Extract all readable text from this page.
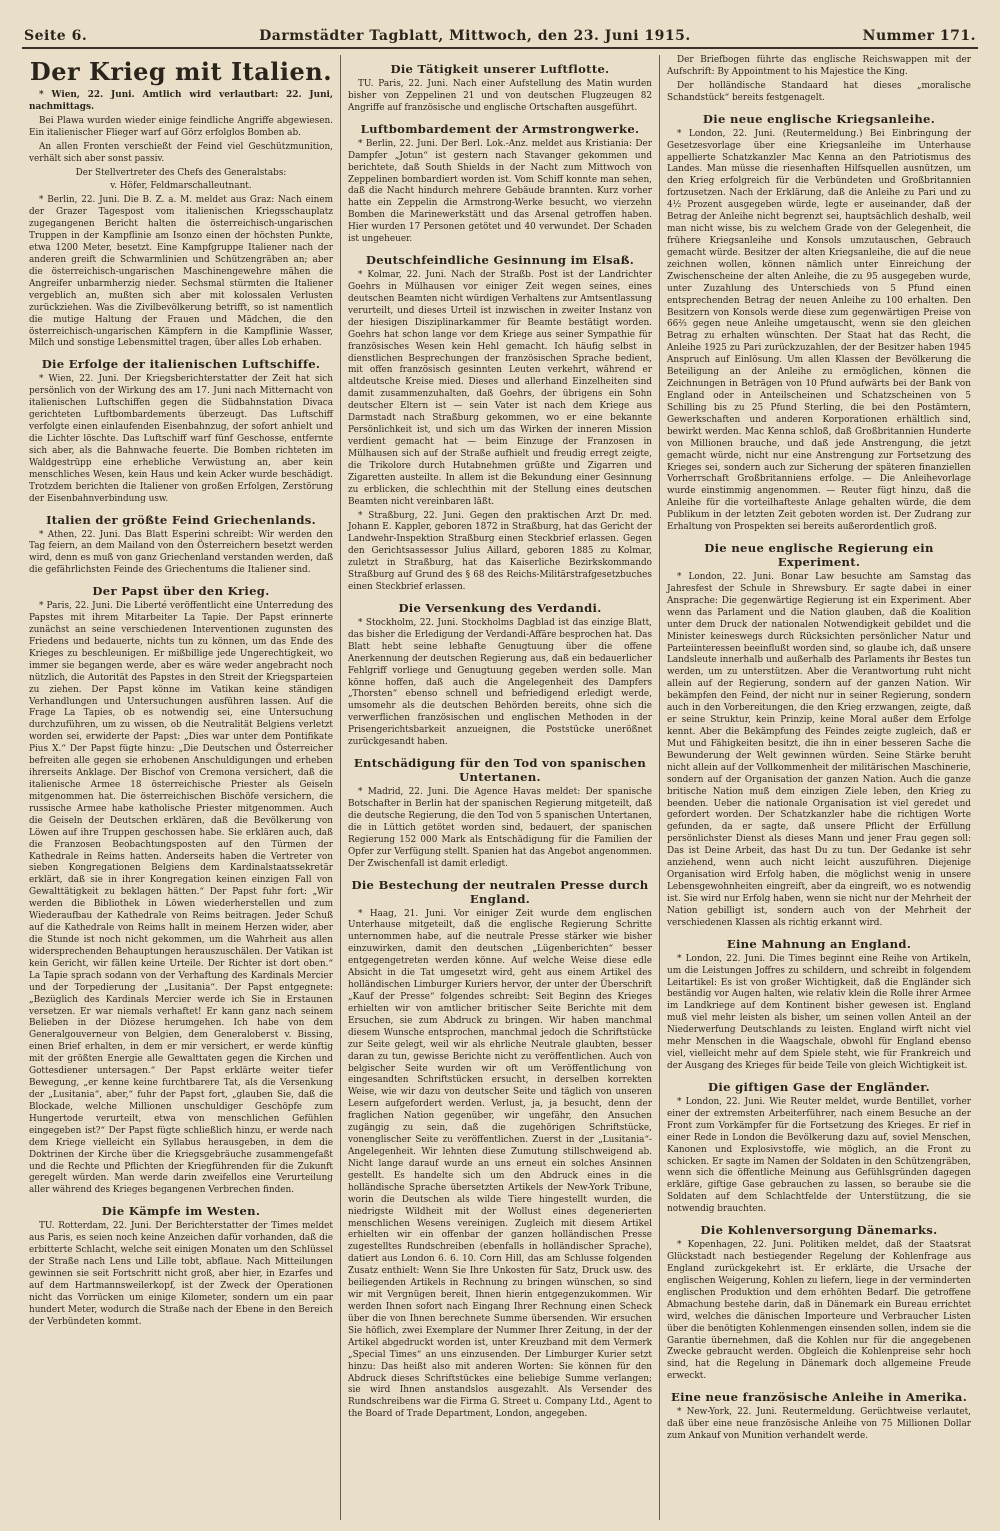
Seite 6.	Darmstädter Tagblatt, Mittwoch, den 23. Juni 1915.	Nummer 171.
Der Krieg mit Italien.

* Wien, 22. Juni. Amtlich wird verlautbart: 22. Juni, nachmittags.

Bei Plawa wurden wieder einige feindliche Angriffe abgewiesen. Ein italienischer Flieger warf auf Görz erfolglos Bomben ab.

An allen Fronten verschießt der Feind viel Geschützmunition, verhält sich aber sonst passiv.

Der Stellvertreter des Chefs des Generalstabs:

v. Höfer, Feldmarschalleutnant.

* Berlin, 22. Juni. Die B. Z. a. M. meldet aus Graz: Nach einem der Grazer Tagespost vom italienischen Kriegsschauplatz zugegangenen Bericht halten die österreichisch-ungarischen Truppen in der Kampflinie am Isonzo einen der höchsten Punkte, etwa 1200 Meter, besetzt. Eine Kampfgruppe Italiener nach der anderen greift die Schwarmlinien und Schützengräben an; aber die österreichisch-ungarischen Maschinengewehre mähen die Angreifer unbarmherzig nieder. Sechsmal stürmten die Italiener vergeblich an, mußten sich aber mit kolossalen Verlusten zurückziehen. Was die Zivilbevölkerung betrifft, so ist namentlich die mutige Haltung der Frauen und Mädchen, die den österreichisch-ungarischen Kämpfern in die Kampflinie Wasser, Milch und sonstige Lebensmittel tragen, über alles Lob erhaben.

Die Erfolge der italienischen Luftschiffe.

* Wien, 22. Juni. Der Kriegsberichterstatter der Zeit hat sich persönlich von der Wirkung des am 17. Juni nach Mitternacht von italienischen Luftschiffen gegen die Südbahnstation Divaca gerichteten Luftbombardements überzeugt. Das Luftschiff verfolgte einen einlaufenden Eisenbahnzug, der sofort anhielt und die Lichter löschte. Das Luftschiff warf fünf Geschosse, entfernte sich aber, als die Bahnwache feuerte. Die Bomben richteten im Waldgestrüpp eine erhebliche Verwüstung an, aber kein menschliches Wesen, kein Haus und kein Acker wurde beschädigt. Trotzdem berichten die Italiener von großen Erfolgen, Zerstörung der Eisenbahnverbindung usw.

Italien der größte Feind Griechenlands.

* Athen, 22. Juni. Das Blatt Esperini schreibt: Wir werden den Tag feiern, an dem Mailand von den Österreichern besetzt werden wird, denn es muß von ganz Griechenland verstanden werden, daß die gefährlichsten Feinde des Griechentums die Italiener sind.

Der Papst über den Krieg.

* Paris, 22. Juni. Die Liberté veröffentlicht eine Unterredung des Papstes mit ihrem Mitarbeiter La Tapie. Der Papst erinnerte zunächst an seine verschiedenen Interventionen zugunsten des Friedens und bedauerte, nichts tun zu können, um das Ende des Krieges zu beschleunigen. Er mißbillige jede Ungerechtigkeit, wo immer sie begangen werde, aber es wäre weder angebracht noch nützlich, die Autorität des Papstes in den Streit der Kriegsparteien zu ziehen. Der Papst könne im Vatikan keine ständigen Verhandlungen und Untersuchungen ausführen lassen. Auf die Frage La Tapies, ob es notwendig sei, eine Untersuchung durchzuführen, um zu wissen, ob die Neutralität Belgiens verletzt worden sei, erwiderte der Papst: „Dies war unter dem Pontifikate Pius X.“ Der Papst fügte hinzu: „Die Deutschen und Österreicher befreiten alle gegen sie erhobenen Anschuldigungen und erheben ihrerseits Anklage. Der Bischof von Cremona versichert, daß die italienische Armee 18 österreichische Priester als Geiseln mitgenommen hat. Die österreichischen Bischöfe versichern, die russische Armee habe katholische Priester mitgenommen. Auch die Geiseln der Deutschen erklären, daß die Bevölkerung von Löwen auf ihre Truppen geschossen habe. Sie erklären auch, daß die Franzosen Beobachtungsposten auf den Türmen der Kathedrale in Reims hatten. Anderseits haben die Vertreter von sieben Kongregationen Belgiens dem Kardinalstaatssekretär erklärt, daß sie in ihrer Kongregation keinen einzigen Fall von Gewalttätigkeit zu beklagen hätten.“ Der Papst fuhr fort: „Wir werden die Bibliothek in Löwen wiederherstellen und zum Wiederaufbau der Kathedrale von Reims beitragen. Jeder Schuß auf die Kathedrale von Reims hallt in meinem Herzen wider, aber die Stunde ist noch nicht gekommen, um die Wahrheit aus allen widersprechenden Behauptungen herauszuschälen. Der Vatikan ist kein Gericht, wir fällen keine Urteile. Der Richter ist dort oben.“ La Tapie sprach sodann von der Verhaftung des Kardinals Mercier und der Torpedierung der „Lusitania“. Der Papst entgegnete: „Bezüglich des Kardinals Mercier werde ich Sie in Erstaunen versetzen. Er war niemals verhaftet! Er kann ganz nach seinem Belieben in der Diözese herumgehen. Ich habe von dem Generalgouverneur von Belgien, dem Generaloberst v. Bissing, einen Brief erhalten, in dem er mir versichert, er werde künftig mit der größten Energie alle Gewalttaten gegen die Kirchen und Gottesdiener untersagen.“ Der Papst erklärte weiter tiefer Bewegung, „er kenne keine furchtbarere Tat, als die Versenkung der „Lusitania“, aber,“ fuhr der Papst fort, „glauben Sie, daß die Blockade, welche Millionen unschuldiger Geschöpfe zum Hungertode verurteilt, etwa von menschlichen Gefühlen eingegeben ist?“ Der Papst fügte schließlich hinzu, er werde nach dem Kriege vielleicht ein Syllabus herausgeben, in dem die Doktrinen der Kirche über die Kriegsgebräuche zusammengefaßt und die Rechte und Pflichten der Kriegführenden für die Zukunft geregelt würden. Man werde darin zweifellos eine Verurteilung aller während des Krieges begangenen Verbrechen finden.

Die Kämpfe im Westen.

TU. Rotterdam, 22. Juni. Der Berichterstatter der Times meldet aus Paris, es seien noch keine Anzeichen dafür vorhanden, daß die erbitterte Schlacht, welche seit einigen Monaten um den Schlüssel der Straße nach Lens und Lille tobt, abflaue. Nach Mitteilungen gewinnen sie seit Fortschritt nicht groß, aber hier, in Ezarfes und auf dem Hartmannsweilerkopf, ist der Zweck der Operationen nicht das Vorrücken um einige Kilometer, sondern um ein paar hundert Meter, wodurch die Straße nach der Ebene in den Bereich der Verbündeten kommt.

Die Tätigkeit unserer Luftflotte.

TU. Paris, 22. Juni. Nach einer Aufstellung des Matin wurden bisher von Zeppelinen 21 und von deutschen Flugzeugen 82 Angriffe auf französische und englische Ortschaften ausgeführt.

Luftbombardement der Armstrongwerke.

* Berlin, 22. Juni. Der Berl. Lok.-Anz. meldet aus Kristiania: Der Dampfer „Jotun“ ist gestern nach Stavanger gekommen und berichtete, daß South Shields in der Nacht zum Mittwoch von Zeppelinen bombardiert worden ist. Vom Schiff konnte man sehen, daß die Nacht hindurch mehrere Gebäude brannten. Kurz vorher hatte ein Zeppelin die Armstrong-Werke besucht, wo vierzehn Bomben die Marinewerkstätt und das Arsenal getroffen haben. Hier wurden 17 Personen getötet und 40 verwundet. Der Schaden ist ungeheuer.

Deutschfeindliche Gesinnung im Elsaß.

* Kolmar, 22. Juni. Nach der Straßb. Post ist der Landrichter Goehrs in Mülhausen vor einiger Zeit wegen seines, eines deutschen Beamten nicht würdigen Verhaltens zur Amtsentlassung verurteilt, und dieses Urteil ist inzwischen in zweiter Instanz von der hiesigen Disziplinarkammer für Beamte bestätigt worden. Goehrs hat schon lange vor dem Kriege aus seiner Sympathie für französisches Wesen kein Hehl gemacht. Ich häufig selbst in dienstlichen Besprechungen der französischen Sprache bedient, mit offen französisch gesinnten Leuten verkehrt, während er altdeutsche Kreise mied. Dieses und allerhand Einzelheiten sind damit zusammenzuhalten, daß Goehrs, der übrigens ein Sohn deutscher Eltern ist — sein Vater ist nach dem Kriege aus Darmstadt nach Straßburg gekommen, wo er eine bekannte Persönlichkeit ist, und sich um das Wirken der inneren Mission verdient gemacht hat — beim Einzuge der Franzosen in Mülhausen sich auf der Straße aufhielt und freudig erregt zeigte, die Trikolore durch Hutabnehmen grüßte und Zigarren und Zigaretten austeilte. In allem ist die Bekundung einer Gesinnung zu erblicken, die schlechthin mit der Stellung eines deutschen Beamten nicht vereinbaren läßt.

* Straßburg, 22. Juni. Gegen den praktischen Arzt Dr. med. Johann E. Kappler, geboren 1872 in Straßburg, hat das Gericht der Landwehr-Inspektion Straßburg einen Steckbrief erlassen. Gegen den Gerichtsassessor Julius Aillard, geboren 1885 zu Kolmar, zuletzt in Straßburg, hat das Kaiserliche Bezirkskommando Straßburg auf Grund des § 68 des Reichs-Militärstrafgesetzbuches einen Steckbrief erlassen.

Die Versenkung des Verdandi.

* Stockholm, 22. Juni. Stockholms Dagblad ist das einzige Blatt, das bisher die Erledigung der Verdandi-Affäre besprochen hat. Das Blatt hebt seine lebhafte Genugtuung über die offene Anerkennung der deutschen Regierung aus, daß ein bedauerlicher Fehlgriff vorliege und Genugtuung gegeben werden solle. Man könne hoffen, daß auch die Angelegenheit des Dampfers „Thorsten“ ebenso schnell und befriedigend erledigt werde, umsomehr als die deutschen Behörden bereits, ohne sich die verwerflichen französischen und englischen Methoden in der Prisengerichtsbarkeit anzueignen, die Poststücke unerößnet zurückgesandt haben.

Entschädigung für den Tod von spanischen Untertanen.

* Madrid, 22. Juni. Die Agence Havas meldet: Der spanische Botschafter in Berlin hat der spanischen Regierung mitgeteilt, daß die deutsche Regierung, die den Tod von 5 spanischen Untertanen, die in Lüttich getötet worden sind, bedauert, der spanischen Regierung 152 000 Mark als Entschädigung für die Familien der Opfer zur Verfügung stellt. Spanien hat das Angebot angenommen. Der Zwischenfall ist damit erledigt.

Die Bestechung der neutralen Presse durch England.

* Haag, 21. Juni. Vor einiger Zeit wurde dem englischen Unterhause mitgeteilt, daß die englische Regierung Schritte unternommen habe, auf die neutrale Presse stärker wie bisher einzuwirken, damit den deutschen „Lügenberichten“ besser entgegengetreten werden könne. Auf welche Weise diese edle Absicht in die Tat umgesetzt wird, geht aus einem Artikel des holländischen Limburger Kuriers hervor, der unter der Überschrift „Kauf der Presse“ folgendes schreibt: Seit Beginn des Krieges erhielten wir von amtlicher britischer Seite Berichte mit dem Ersuchen, sie zum Abdruck zu bringen. Wir haben manchmal diesem Wunsche entsprochen, manchmal jedoch die Schriftstücke zur Seite gelegt, weil wir als ehrliche Neutrale glaubten, besser daran zu tun, gewisse Berichte nicht zu veröffentlichen. Auch von belgischer Seite wurden wir oft um Veröffentlichung von eingesandten Schriftstücken ersucht, in derselben korrekten Weise, wie wir dazu von deutscher Seite und täglich von unseren Lesern aufgefordert werden. Verlust, ja, ja besucht, denn der fraglichen Nation gegenüber, wir ungefähr, den Ansuchen zugängig zu sein, daß die zugehörigen Schriftstücke, vonenglischer Seite zu veröffentlichen. Zuerst in der „Lusitania“-Angelegenheit. Wir lehnten diese Zumutung stillschweigend ab. Nicht lange darauf wurde an uns erneut ein solches Ansinnen gestellt. Es handelte sich um den Abdruck eines in die holländische Sprache übersetzten Artikels der New-York Tribune, worin die Deutschen als wilde Tiere hingestellt wurden, die niedrigste Wildheit mit der Wollust eines degenerierten menschlichen Wesens vereinigen. Zugleich mit diesem Artikel erhielten wir ein offenbar der ganzen holländischen Presse zugestelltes Rundschreiben (ebenfalls in holländischer Sprache), datiert aus London 6. 6. 10. Corn Hill, das am Schlusse folgenden Zusatz enthielt: Wenn Sie Ihre Unkosten für Satz, Druck usw. des beiliegenden Artikels in Rechnung zu bringen wünschen, so sind wir mit Vergnügen bereit, Ihnen hierin entgegenzukommen. Wir werden Ihnen sofort nach Eingang Ihrer Rechnung einen Scheck über die von Ihnen berechnete Summe übersenden. Wir ersuchen Sie höflich, zwei Exemplare der Nummer Ihrer Zeitung, in der der Artikel abgedruckt worden ist, unter Kreuzband mit dem Vermerk „Special Times“ an uns einzusenden. Der Limburger Kurier setzt hinzu: Das heißt also mit anderen Worten: Sie können für den Abdruck dieses Schriftstückes eine beliebige Summe verlangen; sie wird Ihnen anstandslos ausgezahlt. Als Versender des Rundschreibens war die Firma G. Street u. Company Ltd., Agent to the Board of Trade Department, London, angegeben.

Der Briefbogen führte das englische Reichswappen mit der Aufschrift: By Appointment to his Majestice the King.

Der holländische Standaard hat dieses „moralische Schandstück“ bereits festgenagelt.

Die neue englische Kriegsanleihe.

* London, 22. Juni. (Reutermeldung.) Bei Einbringung der Gesetzesvorlage über eine Kriegsanleihe im Unterhause appellierte Schatzkanzler Mac Kenna an den Patriotismus des Landes. Man müsse die riesenhaften Hilfsquellen ausnützen, um den Krieg erfolgreich für die Verbündeten und Großbritannien fortzusetzen. Nach der Erklärung, daß die Anleihe zu Pari und zu 4½ Prozent ausgegeben würde, legte er auseinander, daß der Betrag der Anleihe nicht begrenzt sei, hauptsächlich deshalb, weil man nicht wisse, bis zu welchem Grade von der Gelegenheit, die frühere Kriegsanleihe und Konsols umzutauschen, Gebrauch gemacht würde. Besitzer der alten Kriegsanleihe, die auf die neue zeichnen wollen, können nämlich unter Einreichung der Zwischenscheine der alten Anleihe, die zu 95 ausgegeben wurde, unter Zuzahlung des Unterschieds von 5 Pfund einen entsprechenden Betrag der neuen Anleihe zu 100 erhalten. Den Besitzern von Konsols werde diese zum gegenwärtigen Preise von 66⅔ gegen neue Anleihe umgetauscht, wenn sie den gleichen Betrag zu erhalten wünschten. Der Staat hat das Recht, die Anleihe 1925 zu Pari zurückzuzahlen, der der Besitzer haben 1945 Anspruch auf Einlösung. Um allen Klassen der Bevölkerung die Beteiligung an der Anleihe zu ermöglichen, können die Zeichnungen in Beträgen von 10 Pfund aufwärts bei der Bank von England oder in Anteilscheinen und Schatzscheinen von 5 Schilling bis zu 25 Pfund Sterling, die bei den Postämtern, Gewerkschaften und anderen Korporationen erhältlich sind, bewirkt werden. Mac Kenna schloß, daß Großbritannien Hunderte von Millionen brauche, und daß jede Anstrengung, die jetzt gemacht würde, nicht nur eine Anstrengung zur Fortsetzung des Krieges sei, sondern auch zur Sicherung der späteren finanziellen Vorherrschaft Großbritanniens erfolge. — Die Anleihevorlage wurde einstimmig angenommen. — Reuter fügt hinzu, daß die Anleihe für die vorteilhafteste Anlage gehalten würde, die dem Publikum in der letzten Zeit geboten worden ist. Der Zudrang zur Erhaltung von Prospekten sei bereits außerordentlich groß.

Die neue englische Regierung ein Experiment.

* London, 22. Juni. Bonar Law besuchte am Samstag das Jahresfest der Schule in Shrewsbury. Er sagte dabei in einer Ansprache: Die gegenwärtige Regierung ist ein Experiment. Aber wenn das Parlament und die Nation glauben, daß die Koalition unter dem Druck der nationalen Notwendigkeit gebildet und die Minister keineswegs durch Rücksichten persönlicher Natur und Parteiinteressen beeinflußt worden sind, so glaube ich, daß unsere Landsleute innerhalb und außerhalb des Parlaments ihr Bestes tun werden, um zu unterstützen. Aber die Verantwortung ruht nicht allein auf der Regierung, sondern auf der ganzen Nation. Wir bekämpfen den Feind, der nicht nur in seiner Regierung, sondern auch in den Vorbereitungen, die den Krieg erzwangen, zeigte, daß er seine Struktur, kein Prinzip, keine Moral außer dem Erfolge kennt. Aber die Bekämpfung des Feindes zeigte zugleich, daß er Mut und Fähigkeiten besitzt, die ihn in einer besseren Sache die Bewunderung der Welt gewinnen würden. Seine Stärke beruht nicht allein auf der Vollkommenheit der militärischen Maschinerie, sondern auf der Organisation der ganzen Nation. Auch die ganze britische Nation muß dem einzigen Ziele leben, den Krieg zu beenden. Ueber die nationale Organisation ist viel geredet und gefordert worden. Der Schatzkanzler habe die richtigen Worte gefunden, da er sagte, daß unsere Pflicht der Erfüllung persönlichster Dienst als dieses Mann und jener Frau gegen soll: Das ist Deine Arbeit, das hast Du zu tun. Der Gedanke ist sehr anziehend, wenn auch nicht leicht auszuführen. Diejenige Organisation wird Erfolg haben, die möglichst wenig in unsere Lebensgewohnheiten eingreift, aber da eingreift, wo es notwendig ist. Sie wird nur Erfolg haben, wenn sie nicht nur der Mehrheit der Nation gebilligt ist, sondern auch von der Mehrheit der verschiedenen Klassen als richtig erkannt wird.

Eine Mahnung an England.

* London, 22. Juni. Die Times beginnt eine Reihe von Artikeln, um die Leistungen Joffres zu schildern, und schreibt in folgendem Leitartikel: Es ist von großer Wichtigkeit, daß die Engländer sich beständig vor Augen halten, wie relativ klein die Rolle ihrer Armee im Landkriege auf dem Kontinent bisher gewesen ist. England muß viel mehr leisten als bisher, um seinen vollen Anteil an der Niederwerfung Deutschlands zu leisten. England wirft nicht viel mehr Menschen in die Waagschale, obwohl für England ebenso viel, vielleicht mehr auf dem Spiele steht, wie für Frankreich und der Ausgang des Krieges für beide Teile von gleich Wichtigkeit ist.

Die giftigen Gase der Engländer.

* London, 22. Juni. Wie Reuter meldet, wurde Bentillet, vorher einer der extremsten Arbeiterführer, nach einem Besuche an der Front zum Vorkämpfer für die Fortsetzung des Krieges. Er rief in einer Rede in London die Bevölkerung dazu auf, soviel Menschen, Kanonen und Explosivstoffe, wie möglich, an die Front zu schicken. Er sagte im Namen der Soldaten in den Schützengräben, wenn sich die öffentliche Meinung aus Gefühlsgründen dagegen erkläre, giftige Gase gebrauchen zu lassen, so beraube sie die Soldaten auf dem Schlachtfelde der Unterstützung, die sie notwendig brauchten.

Die Kohlenversorgung Dänemarks.

* Kopenhagen, 22. Juni. Politiken meldet, daß der Staatsrat Glückstadt nach bestiegender Regelung der Kohlenfrage aus England zurückgekehrt ist. Er erklärte, die Ursache der englischen Weigerung, Kohlen zu liefern, liege in der verminderten englischen Produktion und dem erhöhten Bedarf. Die getroffene Abmachung bestehe darin, daß in Dänemark ein Bureau errichtet wird, welches die dänischen Importeure und Verbraucher Listen über die benötigten Kohlenmengen einsenden sollen, indem sie die Garantie übernehmen, daß die Kohlen nur für die angegebenen Zwecke gebraucht werden. Obgleich die Kohlenpreise sehr hoch sind, hat die Regelung in Dänemark doch allgemeine Freude erweckt.

Eine neue französische Anleihe in Amerika.

* New-York, 22. Juni. Reutermeldung. Gerüchtweise verlautet, daß über eine neue französische Anleihe von 75 Millionen Dollar zum Ankauf von Munition verhandelt werde.
